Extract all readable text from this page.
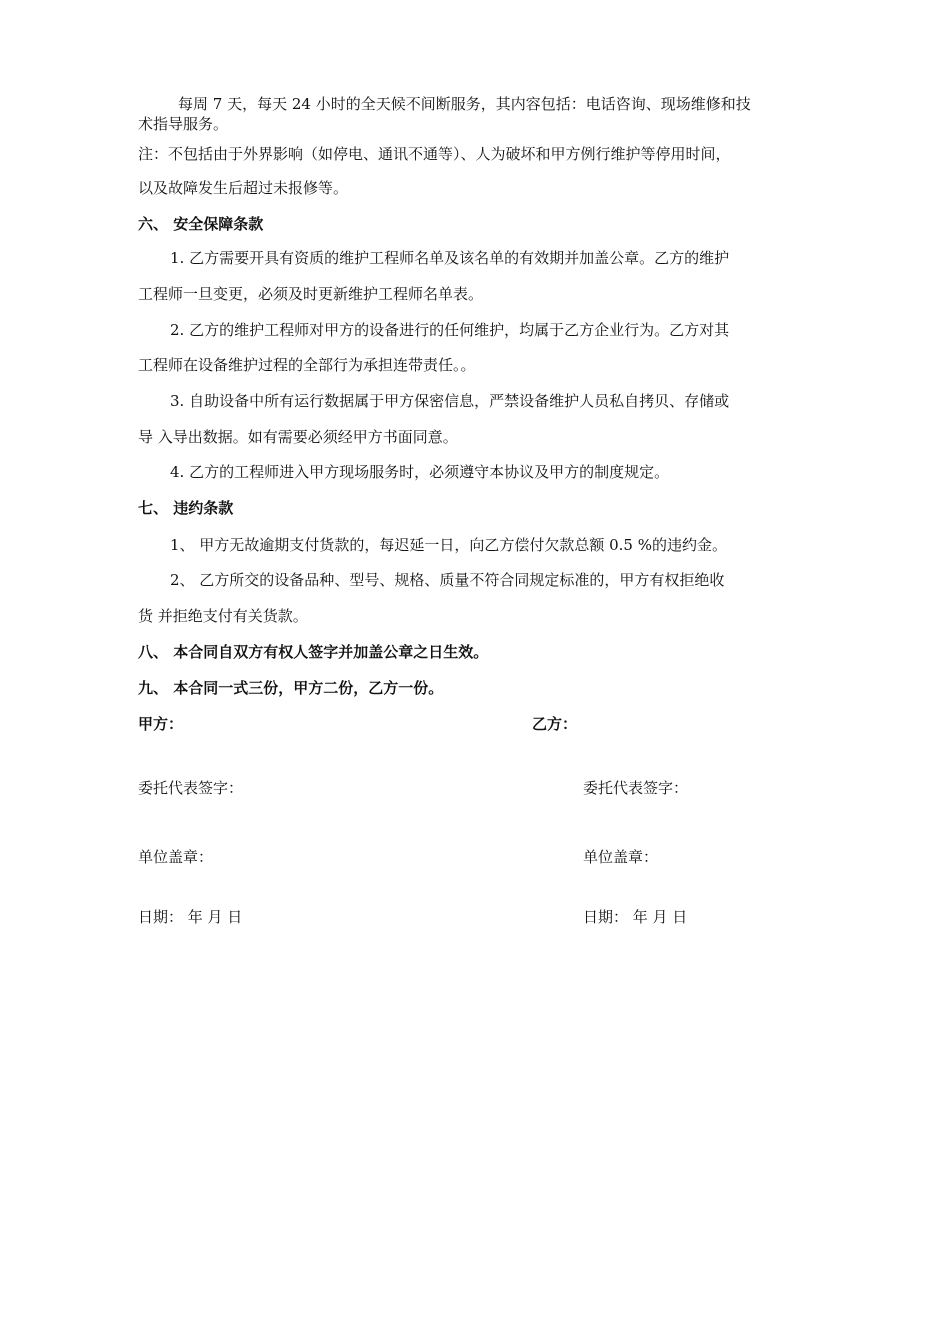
每周 7 天，每天 24 小时的全天候不间断服务，其内容包括：电话咨询、现场维修和技
术指导服务。
注：不包括由于外界影响（如停电、通讯不通等）、人为破坏和甲方例行维护等停用时间，
以及故障发生后超过未报修等。
六、 安全保障条款
1. 乙方需要开具有资质的维护工程师名单及该名单的有效期并加盖公章。乙方的维护
工程师一旦变更，必须及时更新维护工程师名单表。
2. 乙方的维护工程师对甲方的设备进行的任何维护，均属于乙方企业行为。乙方对其
工程师在设备维护过程的全部行为承担连带责任。。
3. 自助设备中所有运行数据属于甲方保密信息，严禁设备维护人员私自拷贝、存储或
导 入导出数据。如有需要必须经甲方书面同意。
4. 乙方的工程师进入甲方现场服务时，必须遵守本协议及甲方的制度规定。
七、 违约条款
1、 甲方无故逾期支付货款的，每迟延一日，向乙方偿付欠款总额 0.5 %的违约金。
2、 乙方所交的设备品种、型号、规格、质量不符合同规定标准的，甲方有权拒绝收
货 并拒绝支付有关货款。
八、 本合同自双方有权人签字并加盖公章之日生效。
九、 本合同一式三份，甲方二份，乙方一份。
甲方：	乙方：
委托代表签字：	委托代表签字：
单位盖章：	单位盖章：
日期： 年 月 日	日期： 年 月 日
